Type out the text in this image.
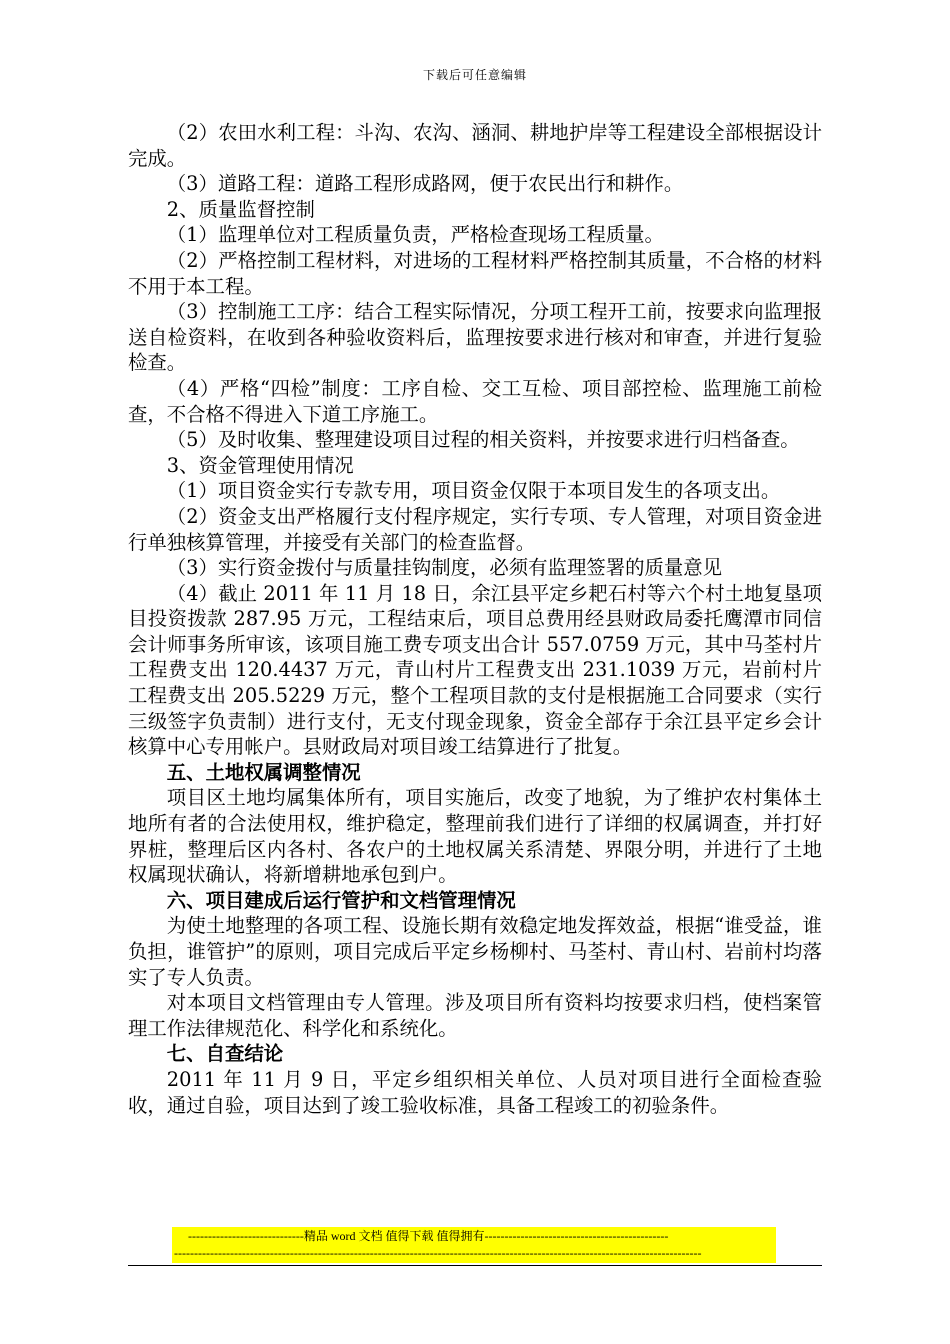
下载后可任意编辑

（2）农田水利工程：斗沟、农沟、涵洞、耕地护岸等工程建设全部根据设计完成。

（3）道路工程：道路工程形成路网，便于农民出行和耕作。

2、质量监督控制

（1）监理单位对工程质量负责，严格检查现场工程质量。

（2）严格控制工程材料，对进场的工程材料严格控制其质量，不合格的材料不用于本工程。

（3）控制施工工序：结合工程实际情况，分项工程开工前，按要求向监理报送自检资料，在收到各种验收资料后，监理按要求进行核对和审查，并进行复验检查。

（4）严格“四检”制度：工序自检、交工互检、项目部控检、监理施工前检查，不合格不得进入下道工序施工。

（5）及时收集、整理建设项目过程的相关资料，并按要求进行归档备查。

3、资金管理使用情况

（1）项目资金实行专款专用，项目资金仅限于本项目发生的各项支出。

（2）资金支出严格履行支付程序规定，实行专项、专人管理，对项目资金进行单独核算管理，并接受有关部门的检查监督。

（3）实行资金拨付与质量挂钩制度，必须有监理签署的质量意见

（4）截止 2011 年 11 月 18 日，余江县平定乡耙石村等六个村土地复垦项目投资拨款 287.95 万元，工程结束后，项目总费用经县财政局委托鹰潭市同信会计师事务所审该，该项目施工费专项支出合计 557.0759 万元，其中马荃村片工程费支出 120.4437 万元，青山村片工程费支出 231.1039 万元，岩前村片工程费支出 205.5229 万元，整个工程项目款的支付是根据施工合同要求（实行三级签字负责制）进行支付，无支付现金现象，资金全部存于余江县平定乡会计核算中心专用帐户。县财政局对项目竣工结算进行了批复。

五、土地权属调整情况

项目区土地均属集体所有，项目实施后，改变了地貌，为了维护农村集体土地所有者的合法使用权，维护稳定，整理前我们进行了详细的权属调查，并打好界桩，整理后区内各村、各农户的土地权属关系清楚、界限分明，并进行了土地权属现状确认，将新增耕地承包到户。

六、项目建成后运行管护和文档管理情况

为使土地整理的各项工程、设施长期有效稳定地发挥效益，根据“谁受益，谁负担，谁管护”的原则，项目完成后平定乡杨柳村、马荃村、青山村、岩前村均落实了专人负责。

对本项目文档管理由专人管理。涉及项目所有资料均按要求归档，使档案管理工作法律规范化、科学化和系统化。

七、自查结论

2011 年 11 月 9 日，平定乡组织相关单位、人员对项目进行全面检查验收，通过自验，项目达到了竣工验收标准，具备工程竣工的初验条件。

-----------------------------精品 word 文档 值得下载 值得拥有----------------------------------------------
------------------------------------------------------------------------------------------------------------------------------------
